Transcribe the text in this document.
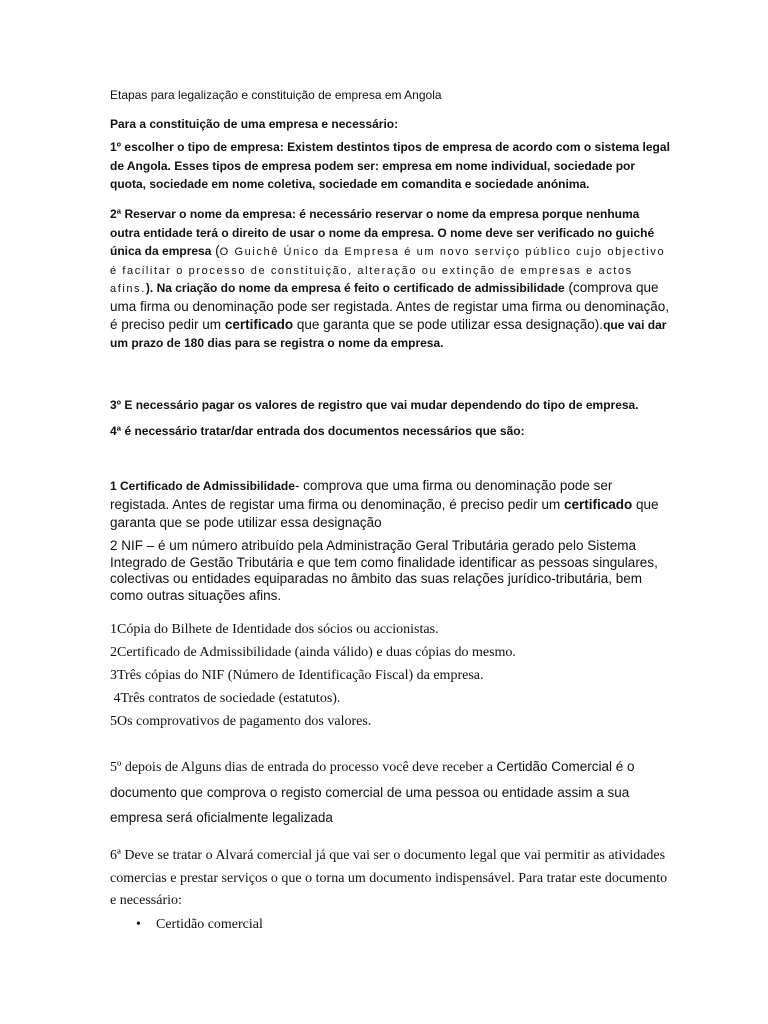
Etapas para legalização e constituição de empresa em Angola

Para a constituição de uma empresa e necessário:

1º escolher o tipo de empresa: Existem destintos tipos de empresa de acordo com o sistema legal de Angola. Esses tipos de empresa podem ser: empresa em nome individual, sociedade por quota, sociedade em nome coletiva, sociedade em comandita e sociedade anónima.

2ª Reservar o nome da empresa: é necessário reservar o nome da empresa porque nenhuma outra entidade terá o direito de usar o nome da empresa. O nome deve ser verificado no guiché única da empresa (O Guichê Único da Empresa é um novo serviço público cujo objectivo é facilitar o processo de constituição, alteração ou extinção de empresas e actos afins.). Na criação do nome da empresa é feito o certificado de admissibilidade (comprova que uma firma ou denominação pode ser registada. Antes de registar uma firma ou denominação, é preciso pedir um certificado que garanta que se pode utilizar essa designação).que vai dar um prazo de 180 dias para se registra o nome da empresa.

3º E necessário pagar os valores de registro que vai mudar dependendo do tipo de empresa.

4ª é necessário tratar/dar entrada dos documentos necessários que são:

1 Certificado de Admissibilidade- comprova que uma firma ou denominação pode ser registada. Antes de registar uma firma ou denominação, é preciso pedir um certificado que garanta que se pode utilizar essa designação

2 NIF – é um número atribuído pela Administração Geral Tributária gerado pelo Sistema Integrado de Gestão Tributária e que tem como finalidade identificar as pessoas singulares, colectivas ou entidades equiparadas no âmbito das suas relações jurídico-tributária, bem como outras situações afins.

1Cópia do Bilhete de Identidade dos sócios ou accionistas.

2Certificado de Admissibilidade (ainda válido) e duas cópias do mesmo.

3Três cópias do NIF (Número de Identificação Fiscal) da empresa.

4Três contratos de sociedade (estatutos).

5Os comprovativos de pagamento dos valores.

5º depois de Alguns dias de entrada do processo você deve receber a Certidão Comercial é o documento que comprova o registo comercial de uma pessoa ou entidade assim a sua empresa será oficialmente legalizada

6ª Deve se tratar o Alvará comercial já que vai ser o documento legal que vai permitir as atividades comercias e prestar serviços o que o torna um documento indispensável. Para tratar este documento e necessário:

• Certidão comercial
